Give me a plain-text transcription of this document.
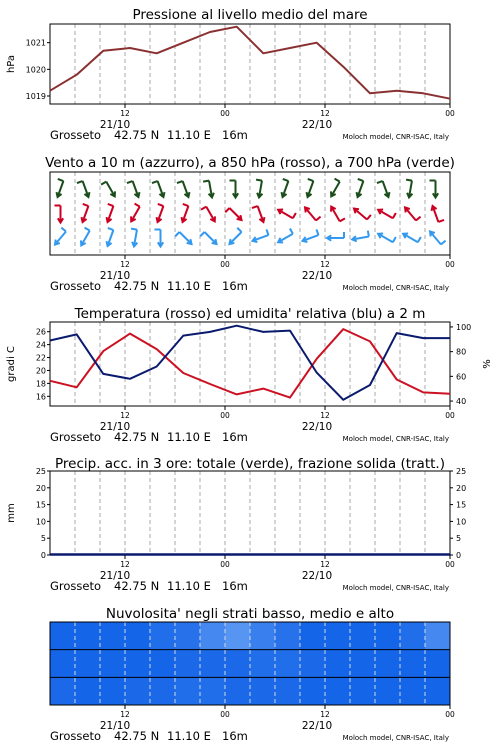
Pressione al livello medio del mare
1019
1020
1021
hPa
12	00	12	00
21/10	22/10
Grosseto 42.75 N 11.10 E 16m	Moloch model, CNR-ISAC, Italy
Vento a 10 m (azzurro), a 850 hPa (rosso), a 700 hPa (verde)
12	00	12	00
21/10	22/10
Grosseto 42.75 N 11.10 E 16m	Moloch model, CNR-ISAC, Italy
Temperatura (rosso) ed umidita' relativa (blu) a 2 m
16
18
20
22
24
26
gradi C
40
60
80
100
%
12	00	12	00
21/10	22/10
Grosseto 42.75 N 11.10 E 16m	Moloch model, CNR-ISAC, Italy
Precip. acc. in 3 ore: totale (verde), frazione solida (tratt.)
0
5
10
15
20
25
mm
0
5
10
15
20
25
12	00	12	00
21/10	22/10
Grosseto 42.75 N 11.10 E 16m	Moloch model, CNR-ISAC, Italy
Nuvolosita' negli strati basso, medio e alto
12	00	12	00
21/10	22/10
Grosseto 42.75 N 11.10 E 16m	Moloch model, CNR-ISAC, Italy
